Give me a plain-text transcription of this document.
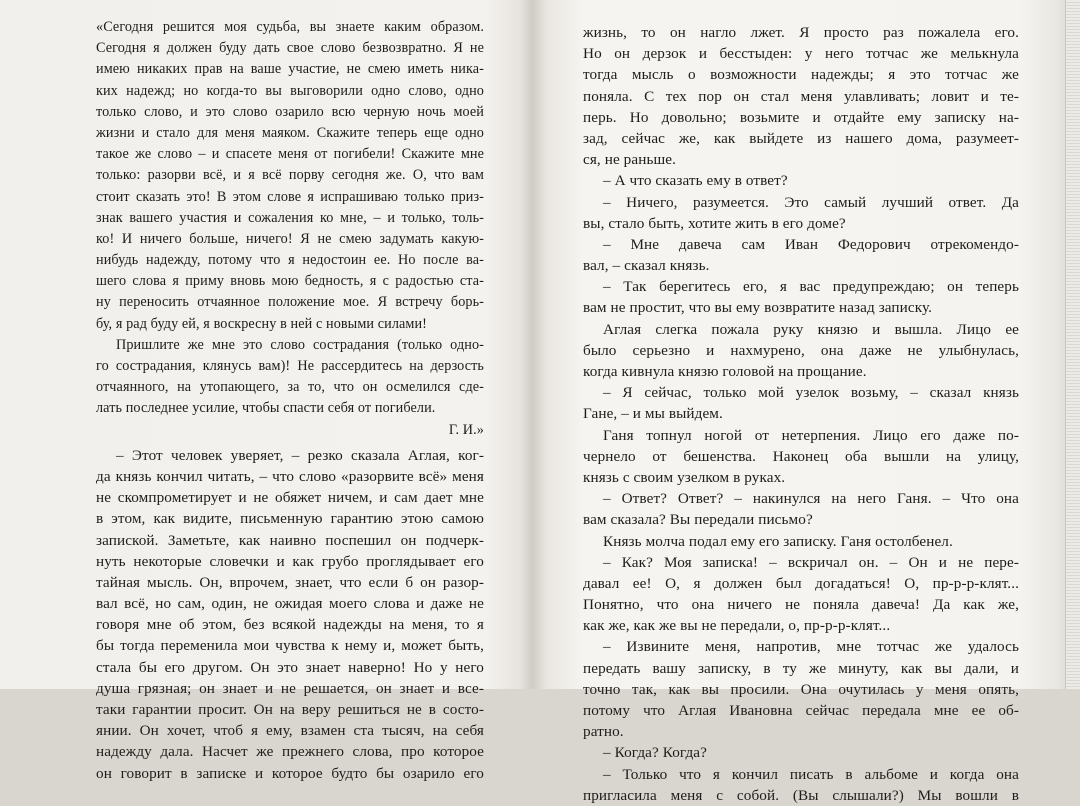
«Сегодня решится моя судьба, вы знаете каким образом.
Сегодня я должен буду дать свое слово безвозвратно. Я не
имею никаких прав на ваше участие, не смею иметь ника-
ких надежд; но когда-то вы выговорили одно слово, одно
только слово, и это слово озарило всю черную ночь моей
жизни и стало для меня маяком. Скажите теперь еще одно
такое же слово – и спасете меня от погибели! Скажите мне
только: разорви всё, и я всё порву сегодня же. О, что вам
стоит сказать это! В этом слове я испрашиваю только приз-
знак вашего участия и сожаления ко мне, – и только, толь-
ко! И ничего больше, ничего! Я не смею задумать какую-
нибудь надежду, потому что я недостоин ее. Но после ва-
шего слова я приму вновь мою бедность, я с радостью ста-
ну переносить отчаянное положение мое. Я встречу борь-
бу, я рад буду ей, я воскресну в ней с новыми силами!
Пришлите же мне это слово сострадания (только одно-
го сострадания, клянусь вам)! Не рассердитесь на дерзость
отчаянного, на утопающего, за то, что он осмелился сде-
лать последнее усилие, чтобы спасти себя от погибели.
Г. И.»
– Этот человек уверяет, – резко сказала Аглая, ког-
да князь кончил читать, – что слово «разорвите всё» меня
не скомпрометирует и не обяжет ничем, и сам дает мне
в этом, как видите, письменную гарантию этою самою
запиской. Заметьте, как наивно поспешил он подчерк-
нуть некоторые словечки и как грубо проглядывает его
тайная мысль. Он, впрочем, знает, что если б он разор-
вал всё, но сам, один, не ожидая моего слова и даже не
говоря мне об этом, без всякой надежды на меня, то я
бы тогда переменила мои чувства к нему и, может быть,
стала бы его другом. Он это знает наверно! Но у него
душа грязная; он знает и не решается, он знает и все-
таки гарантии просит. Он на веру решиться не в состо-
янии. Он хочет, чтоб я ему, взамен ста тысяч, на себя
надежду дала. Насчет же прежнего слова, про которое
он говорит в записке и которое будто бы озарило его
жизнь, то он нагло лжет. Я просто раз пожалела его.
Но он дерзок и бесстыден: у него тотчас же мелькнула
тогда мысль о возможности надежды; я это тотчас же
поняла. С тех пор он стал меня улавливать; ловит и те-
перь. Но довольно; возьмите и отдайте ему записку на-
зад, сейчас же, как выйдете из нашего дома, разумеет-
ся, не раньше.
– А что сказать ему в ответ?
– Ничего, разумеется. Это самый лучший ответ. Да
вы, стало быть, хотите жить в его доме?
– Мне давеча сам Иван Федорович отрекомендо-
вал, – сказал князь.
– Так берегитесь его, я вас предупреждаю; он теперь
вам не простит, что вы ему возвратите назад записку.
Аглая слегка пожала руку князю и вышла. Лицо ее
было серьезно и нахмурено, она даже не улыбнулась,
когда кивнула князю головой на прощание.
– Я сейчас, только мой узелок возьму, – сказал князь
Гане, – и мы выйдем.
Ганя топнул ногой от нетерпения. Лицо его даже по-
чернело от бешенства. Наконец оба вышли на улицу,
князь с своим узелком в руках.
– Ответ? Ответ? – накинулся на него Ганя. – Что она
вам сказала? Вы передали письмо?
Князь молча подал ему его записку. Ганя остолбенел.
– Как? Моя записка! – вскричал он. – Он и не пере-
давал ее! О, я должен был догадаться! О, пр-р-р-клят...
Понятно, что она ничего не поняла давеча! Да как же,
как же, как же вы не передали, о, пр-р-р-клят...
– Извините меня, напротив, мне тотчас же удалось
передать вашу записку, в ту же минуту, как вы дали, и
точно так, как вы просили. Она очутилась у меня опять,
потому что Аглая Ивановна сейчас передала мне ее об-
ратно.
– Когда? Когда?
– Только что я кончил писать в альбоме и когда она
пригласила меня с собой. (Вы слышали?) Мы вошли в
